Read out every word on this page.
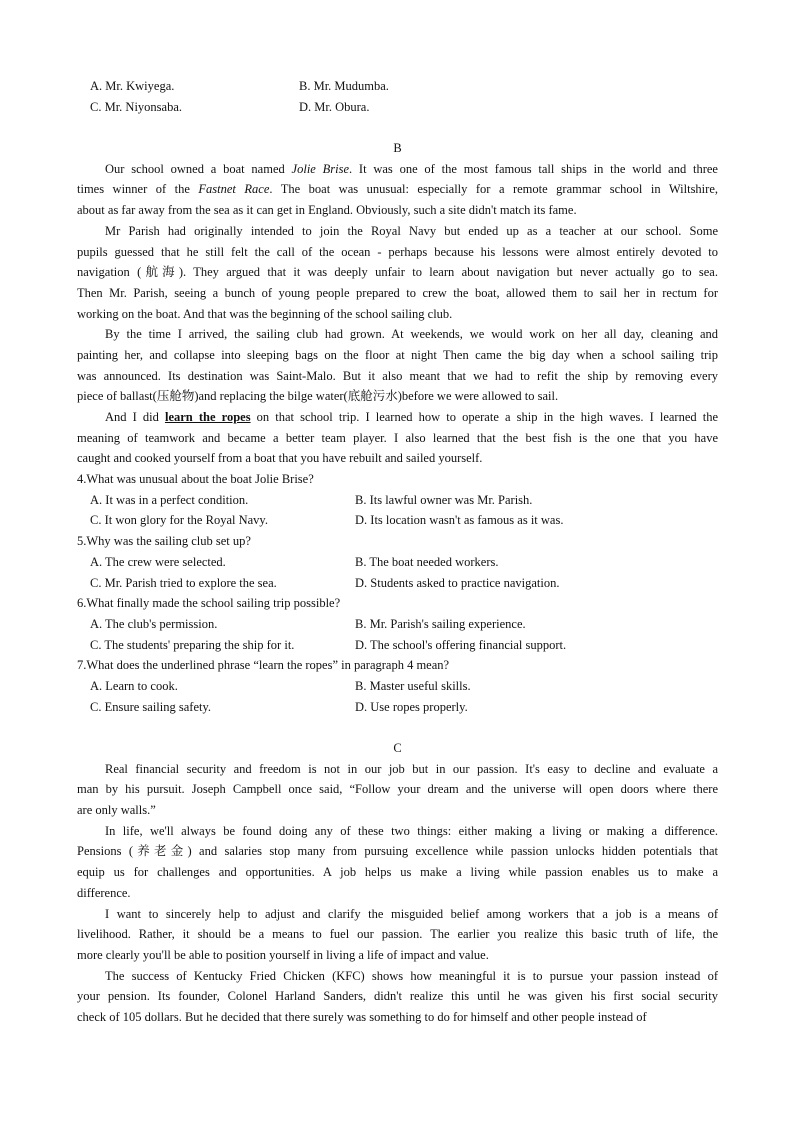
A. Mr. Kwiyega.	B. Mr. Mudumba.
C. Mr. Niyonsaba.	D. Mr. Obura.
B
Our school owned a boat named Jolie Brise. It was one of the most famous tall ships in the world and three
times winner of the Fastnet Race. The boat was unusual: especially for a remote grammar school in Wiltshire,
about as far away from the sea as it can get in England. Obviously, such a site didn't match its fame.
Mr Parish had originally intended to join the Royal Navy but ended up as a teacher at our school. Some
pupils guessed that he still felt the call of the ocean - perhaps because his lessons were almost entirely devoted to
navigation (航海). They argued that it was deeply unfair to learn about navigation but never actually go to sea.
Then Mr. Parish, seeing a bunch of young people prepared to crew the boat, allowed them to sail her in rectum for
working on the boat. And that was the beginning of the school sailing club.
By the time I arrived, the sailing club had grown. At weekends, we would work on her all day, cleaning and
painting her, and collapse into sleeping bags on the floor at night Then came the big day when a school sailing trip
was announced. Its destination was Saint-Malo. But it also meant that we had to refit the ship by removing every
piece of ballast(压舱物)and replacing the bilge water(底舱污水)before we were allowed to sail.
And I did learn the ropes on that school trip. I learned how to operate a ship in the high waves. I learned the
meaning of teamwork and became a better team player. I also learned that the best fish is the one that you have
caught and cooked yourself from a boat that you have rebuilt and sailed yourself.
4.What was unusual about the boat Jolie Brise?
A. It was in a perfect condition.	B. Its lawful owner was Mr. Parish.
C. It won glory for the Royal Navy.	D. Its location wasn't as famous as it was.
5.Why was the sailing club set up?
A. The crew were selected.	B. The boat needed workers.
C. Mr. Parish tried to explore the sea.	D. Students asked to practice navigation.
6.What finally made the school sailing trip possible?
A. The club's permission.	B. Mr. Parish's sailing experience.
C. The students' preparing the ship for it.	D. The school's offering financial support.
7.What does the underlined phrase “learn the ropes” in paragraph 4 mean?
A. Learn to cook.	B. Master useful skills.
C. Ensure sailing safety.	D. Use ropes properly.
C
Real financial security and freedom is not in our job but in our passion. It's easy to decline and evaluate a
man by his pursuit. Joseph Campbell once said, “Follow your dream and the universe will open doors where there
are only walls.”
In life, we'll always be found doing any of these two things: either making a living or making a difference.
Pensions (养老金) and salaries stop many from pursuing excellence while passion unlocks hidden potentials that
equip us for challenges and opportunities. A job helps us make a living while passion enables us to make a
difference.
I want to sincerely help to adjust and clarify the misguided belief among workers that a job is a means of
livelihood. Rather, it should be a means to fuel our passion. The earlier you realize this basic truth of life, the
more clearly you'll be able to position yourself in living a life of impact and value.
The success of Kentucky Fried Chicken (KFC) shows how meaningful it is to pursue your passion instead of
your pension. Its founder, Colonel Harland Sanders, didn't realize this until he was given his first social security
check of 105 dollars. But he decided that there surely was something to do for himself and other people instead of
